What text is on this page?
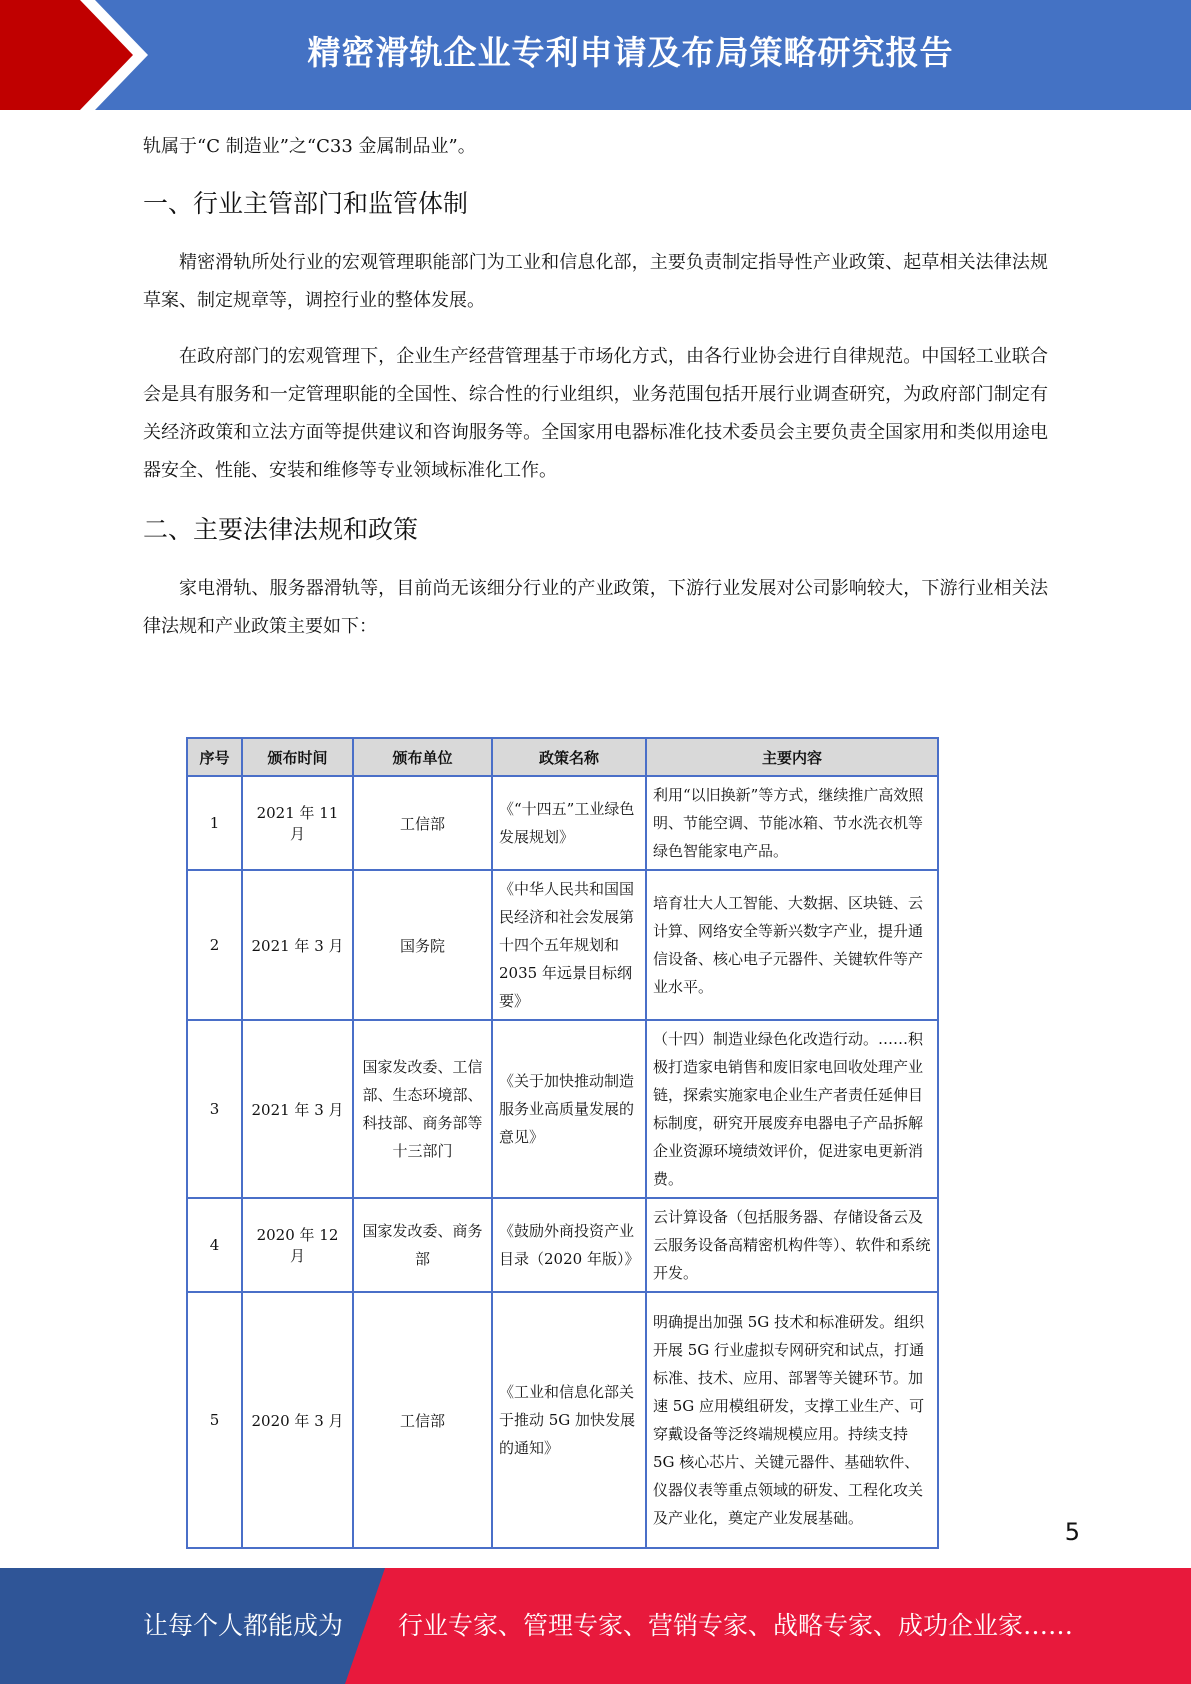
精密滑轨企业专利申请及布局策略研究报告

轨属于“C 制造业”之“C33 金属制品业”。

一、行业主管部门和监管体制

精密滑轨所处行业的宏观管理职能部门为工业和信息化部，主要负责制定指导性产业政策、起草相关法律法规草案、制定规章等，调控行业的整体发展。

在政府部门的宏观管理下，企业生产经营管理基于市场化方式，由各行业协会进行自律规范。中国轻工业联合会是具有服务和一定管理职能的全国性、综合性的行业组织，业务范围包括开展行业调查研究，为政府部门制定有关经济政策和立法方面等提供建议和咨询服务等。全国家用电器标准化技术委员会主要负责全国家用和类似用途电器安全、性能、安装和维修等专业领域标准化工作。

二、主要法律法规和政策

家电滑轨、服务器滑轨等，目前尚无该细分行业的产业政策，下游行业发展对公司影响较大，下游行业相关法律法规和产业政策主要如下：

序号	颁布时间	颁布单位	政策名称	主要内容
1	2021 年 11 月	工信部	《“十四五”工业绿色发展规划》	利用“以旧换新”等方式，继续推广高效照明、节能空调、节能冰箱、节水洗衣机等绿色智能家电产品。
2	2021 年 3 月	国务院	《中华人民共和国国民经济和社会发展第十四个五年规划和 2035 年远景目标纲要》	培育壮大人工智能、大数据、区块链、云计算、网络安全等新兴数字产业，提升通信设备、核心电子元器件、关键软件等产业水平。
3	2021 年 3 月	国家发改委、工信部、生态环境部、科技部、商务部等十三部门	《关于加快推动制造服务业高质量发展的意见》	（十四）制造业绿色化改造行动。……积极打造家电销售和废旧家电回收处理产业链，探索实施家电企业生产者责任延伸目标制度，研究开展废弃电器电子产品拆解企业资源环境绩效评价，促进家电更新消费。
4	2020 年 12 月	国家发改委、商务部	《鼓励外商投资产业目录（2020 年版）》	云计算设备（包括服务器、存储设备云及云服务设备高精密机构件等）、软件和系统开发。
5	2020 年 3 月	工信部	《工业和信息化部关于推动 5G 加快发展的通知》	明确提出加强 5G 技术和标准研发。组织开展 5G 行业虚拟专网研究和试点，打通标准、技术、应用、部署等关键环节。加速 5G 应用模组研发，支撑工业生产、可穿戴设备等泛终端规模应用。持续支持 5G 核心芯片、关键元器件、基础软件、仪器仪表等重点领域的研发、工程化攻关及产业化，奠定产业发展基础。	5
让每个人都能成为 行业专家、管理专家、营销专家、战略专家、成功企业家……
